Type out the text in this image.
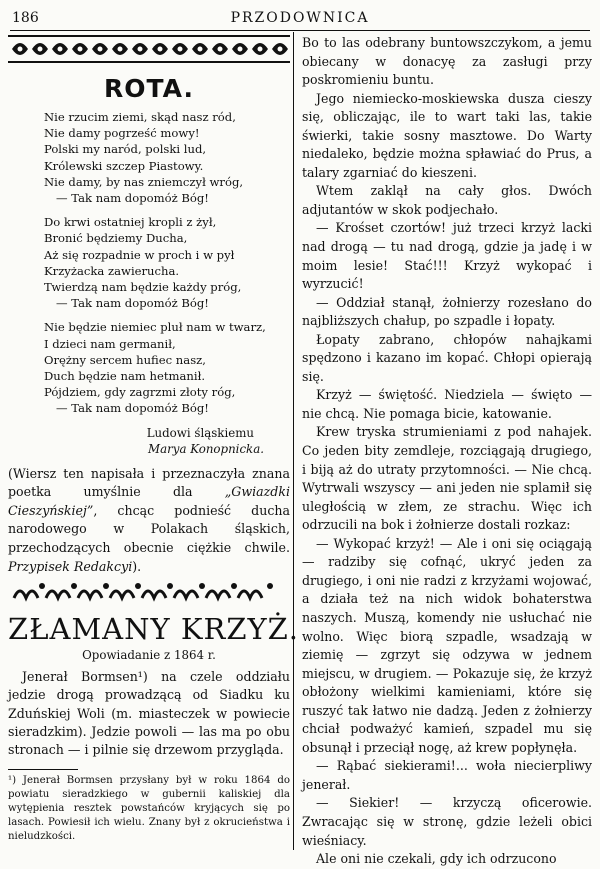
186	PRZODOWNICA
ROTA.
Nie rzucim ziemi, skąd nasz ród,
Nie damy pogrześć mowy!
Polski my naród, polski lud,
Królewski szczep Piastowy.
Nie damy, by nas zniemczył wróg,
— Tak nam dopomóż Bóg!
Do krwi ostatniej kropli z żył,
Bronić będziemy Ducha,
Aż się rozpadnie w proch i w pył
Krzyżacka zawierucha.
Twierdzą nam będzie każdy próg,
— Tak nam dopomóż Bóg!
Nie będzie niemiec pluł nam w twarz,
I dzieci nam germanił,
Orężny sercem hufiec nasz,
Duch będzie nam hetmanił.
Pójdziem, gdy zagrzmi złoty róg,
— Tak nam dopomóż Bóg!
Ludowi śląskiemu
Marya Konopnicka.

(Wiersz ten napisała i przeznaczyła znana poetka umyślnie dla „Gwiazdki Cieszyńskiej”, chcąc podnieść ducha narodowego w Polakach śląskich, przechodzących obecnie ciężkie chwile. Przypisek Redakcyi).

ZŁAMANY KRZYŻ.
Opowiadanie z 1864 r.

Jenerał Bormsen¹) na czele oddziału jedzie drogą prowadzącą od Siadku ku Zduńskiej Woli (m. miasteczek w powiecie sieradzkim). Jedzie powoli — las ma po obu stronach — i pilnie się drzewom przygląda.

¹) Jenerał Bormsen przysłany był w roku 1864 do powiatu sieradzkiego w gubernii kaliskiej dla wytępienia resztek powstańców kryjących się po lasach. Powiesił ich wielu. Znany był z okrucieństwa i nieludzkości.

Bo to las odebrany buntowszczykom, a jemu obiecany w donacyę za zasługi przy poskromieniu buntu.

Jego niemiecko-moskiewska dusza cieszy się, obliczając, ile to wart taki las, takie świerki, takie sosny masztowe. Do Warty niedaleko, będzie można spławiać do Prus, a talary zgarniać do kieszeni.

Wtem zaklął na cały głos. Dwóch adjutantów w skok podjechało.

— Krośset czortów! już trzeci krzyż lacki nad drogą — tu nad drogą, gdzie ja jadę i w moim lesie! Stać!!! Krzyż wykopać i wyrzucić!

— Oddział stanął, żołnierzy rozesłano do najbliższych chałup, po szpadle i łopaty.

Łopaty zabrano, chłopów nahajkami spędzono i kazano im kopać. Chłopi opierają się.

Krzyż — świętość. Niedziela — święto — nie chcą. Nie pomaga bicie, katowanie.

Krew tryska strumieniami z pod nahajek. Co jeden bity zemdleje, rozciągają drugiego, i biją aż do utraty przytomności. — Nie chcą. Wytrwali wszyscy — ani jeden nie splamił się uległością w złem, ze strachu. Więc ich odrzucili na bok i żołnierze dostali rozkaz:

— Wykopać krzyż! — Ale i oni się ociągają — radziby się cofnąć, ukryć jeden za drugiego, i oni nie radzi z krzyżami wojować, a działa też na nich widok bohaterstwa naszych. Muszą, komendy nie usłuchać nie wolno. Więc biorą szpadle, wsadzają w ziemię — zgrzyt się odzywa w jednem miejscu, w drugiem. — Pokazuje się, że krzyż obłożony wielkimi kamieniami, które się ruszyć tak łatwo nie dadzą. Jeden z żołnierzy chciał podważyć kamień, szpadel mu się obsunął i przeciął nogę, aż krew popłynęła.

— Rąbać siekierami!... woła niecierpliwy jenerał.

— Siekier! — krzyczą oficerowie. Zwracając się w stronę, gdzie leżeli obici wieśniacy.

Ale oni nie czekali, gdy ich odrzucono
